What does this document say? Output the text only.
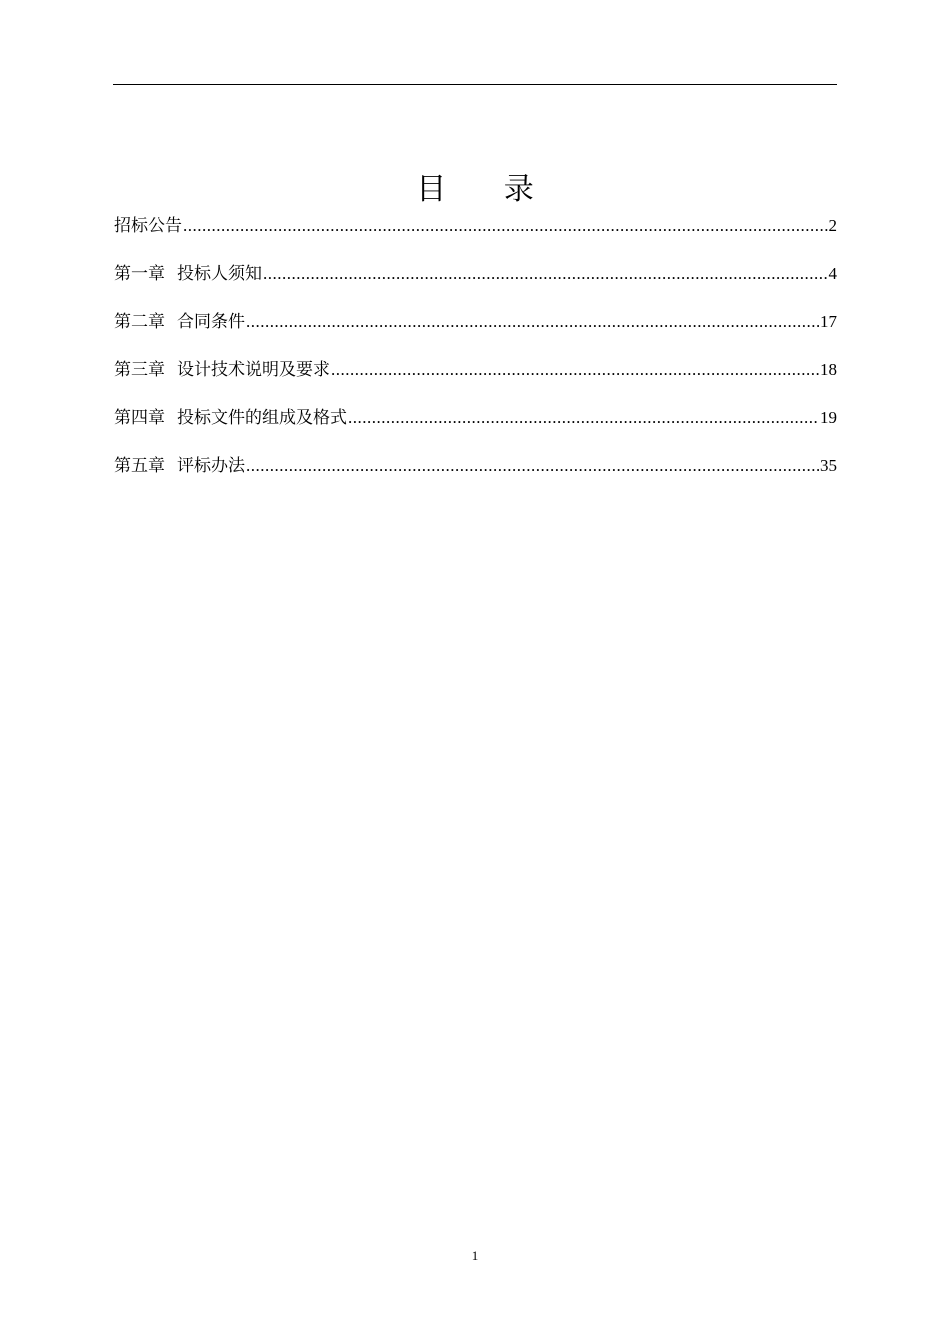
目 录
招标公告 .....	2
第一章 投标人须知 .....	4
第二章 合同条件 .....	17
第三章 设计技术说明及要求 .....	18
第四章 投标文件的组成及格式 .....	19
第五章 评标办法 .....	35
1
